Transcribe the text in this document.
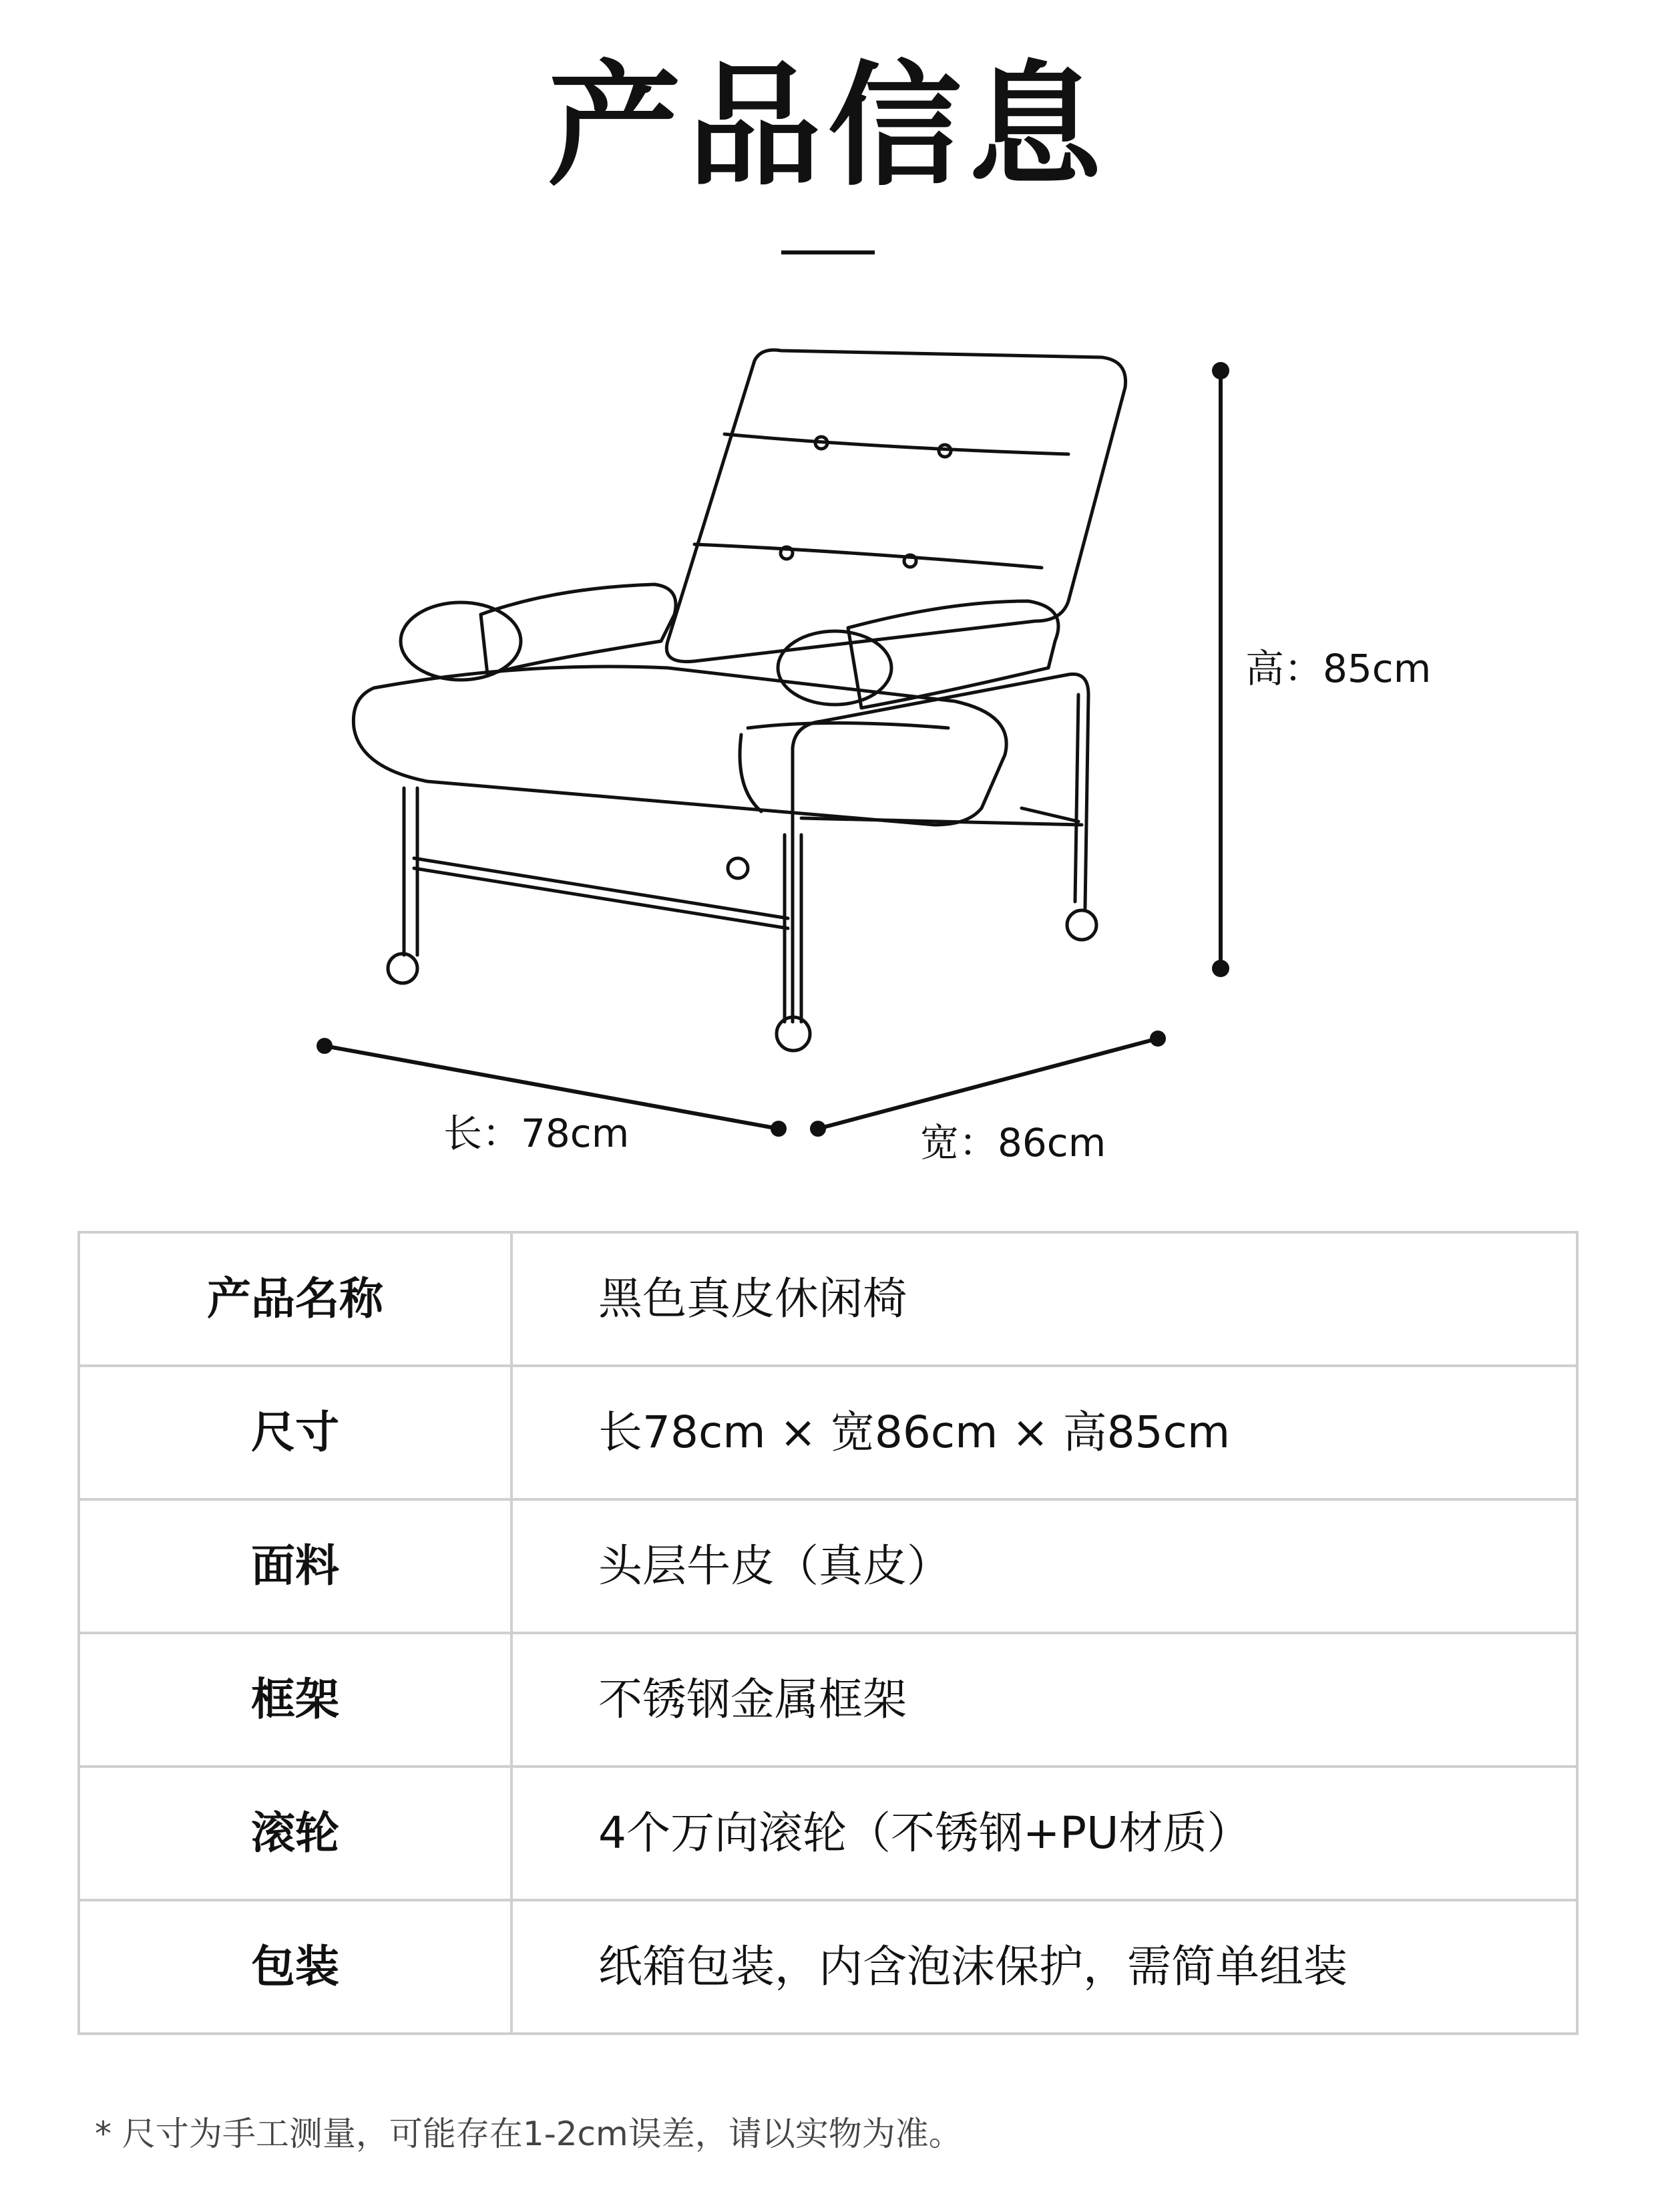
产品信息
高：85cm
长：78cm	宽：86cm
产品名称	黑色真皮休闲椅
尺寸	长78cm × 宽86cm × 高85cm
面料	头层牛皮（真皮）
框架	不锈钢金属框架
滚轮	4个万向滚轮（不锈钢+PU材质）
包装	纸箱包装，内含泡沫保护，需简单组装
* 尺寸为手工测量，可能存在1-2cm误差，请以实物为准。
